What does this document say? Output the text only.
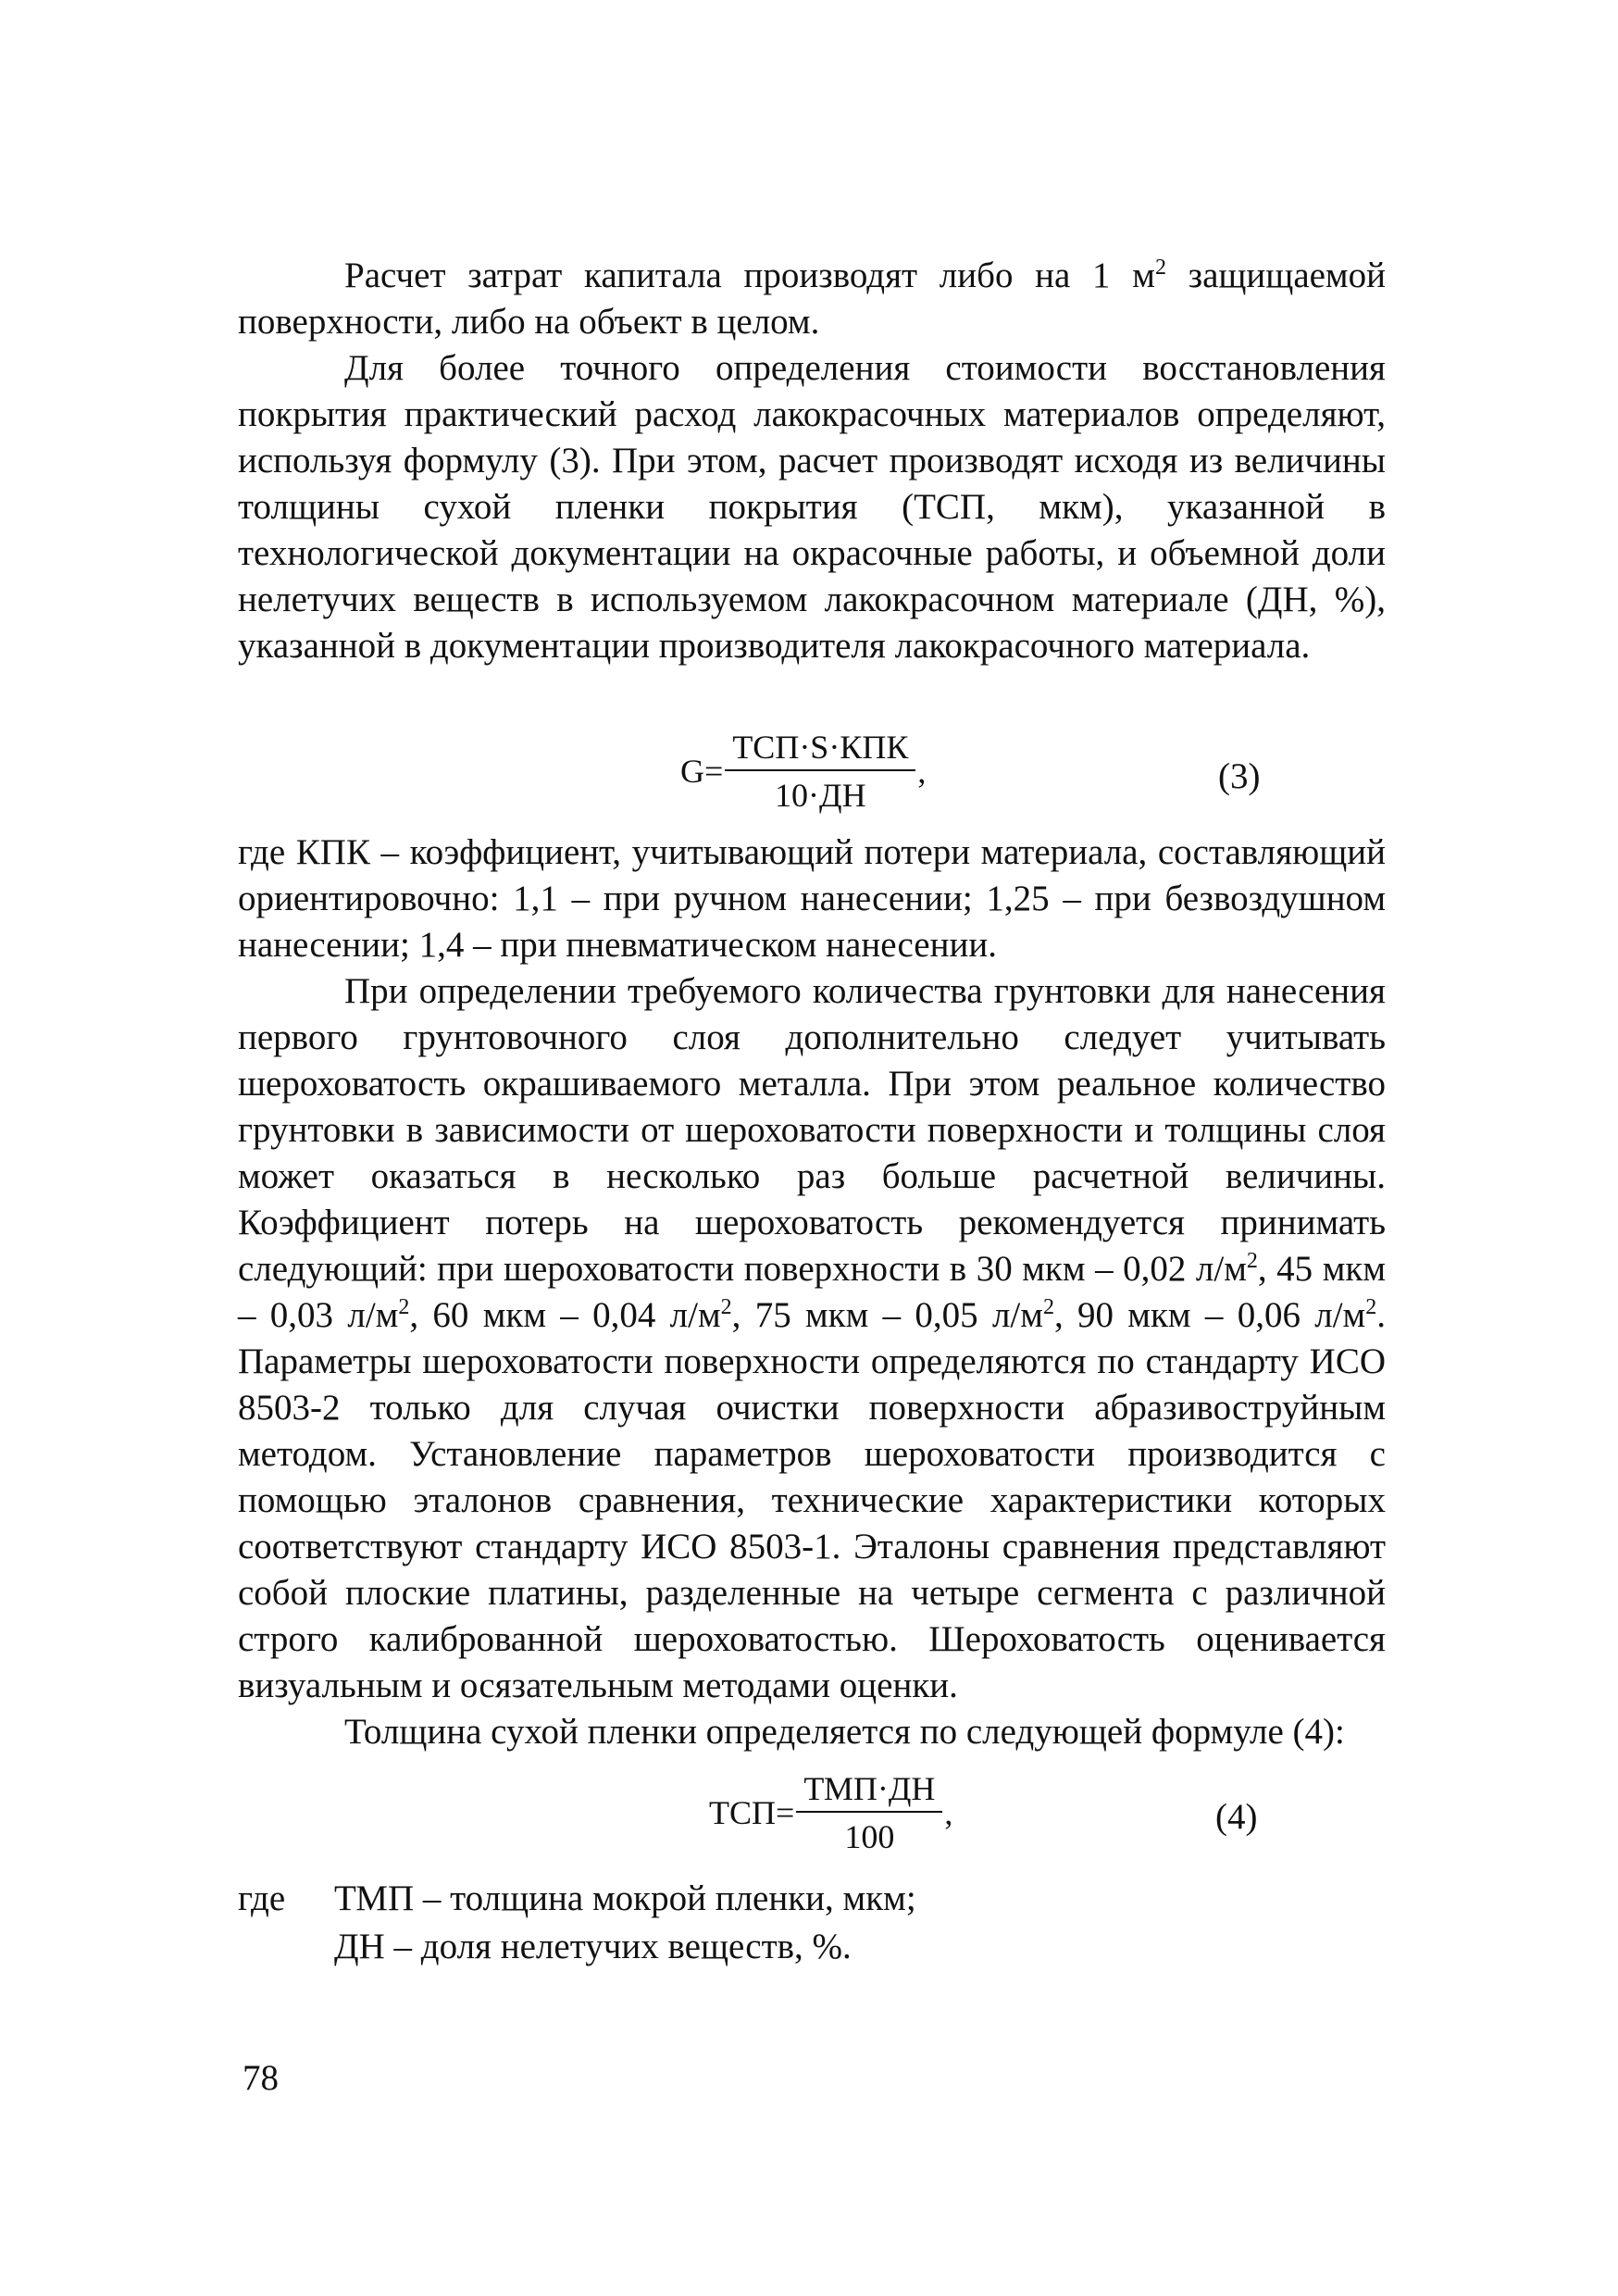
Расчет затрат капитала производят либо на 1 $м^2$ защищаемой поверхности, либо на объект в целом.

Для более точного определения стоимости восстановления покрытия практический расход лакокрасочных материалов определяют, используя формулу (3). При этом, расчет производят исходя из величины толщины сухой пленки покрытия (ТСП, мкм), указанной в технологической документации на окрасочные работы, и объемной доли нелетучих веществ в используемом лакокрасочном материале (ДН, %), указанной в документации производителя лакокрасочного материала.

$G= \frac{\text{ТСП·S·КПК}}{10\cdot ДН}$ ,	(3)

где КПК – коэффициент, учитывающий потери материала, составляющий ориентировочно: 1,1 – при ручном нанесении; 1,25 – при безвоздушном нанесении; 1,4 – при пневматическом нанесении.

При определении требуемого количества грунтовки для нанесения первого грунтовочного слоя дополнительно следует учитывать шероховатость окрашиваемого металла. При этом реальное количество грунтовки в зависимости от шероховатости поверхности и толщины слоя может оказаться в несколько раз больше расчетной величины. Коэффициент потерь на шероховатость рекомендуется принимать следующий: при шероховатости поверхности в 30 мкм – 0,02 $л/м^2$, 45 мкм – 0,03 $л/м^2$, 60 мкм – 0,04 $л/м^2$, 75 мкм – 0,05 $л/м^2$, 90 мкм – 0,06 $л/м^2$. Параметры шероховатости поверхности определяются по стандарту ИСО 8503-2 только для случая очистки поверхности абразивоструйным методом. Установление параметров шероховатости производится с помощью эталонов сравнения, технические характеристики которых соответствуют стандарту ИСО 8503-1. Эталоны сравнения представляют собой плоские платины, разделенные на четыре сегмента с различной строго калиброванной шероховатостью. Шероховатость оценивается визуальным и осязательным методами оценки.

Толщина сухой пленки определяется по следующей формуле (4):

$ТСП= \frac{\text{ТМП·ДН}}{100}$ ,	(4)
где ТМП – толщина мокрой пленки, мкм;
ДН – доля нелетучих веществ, %.
78
